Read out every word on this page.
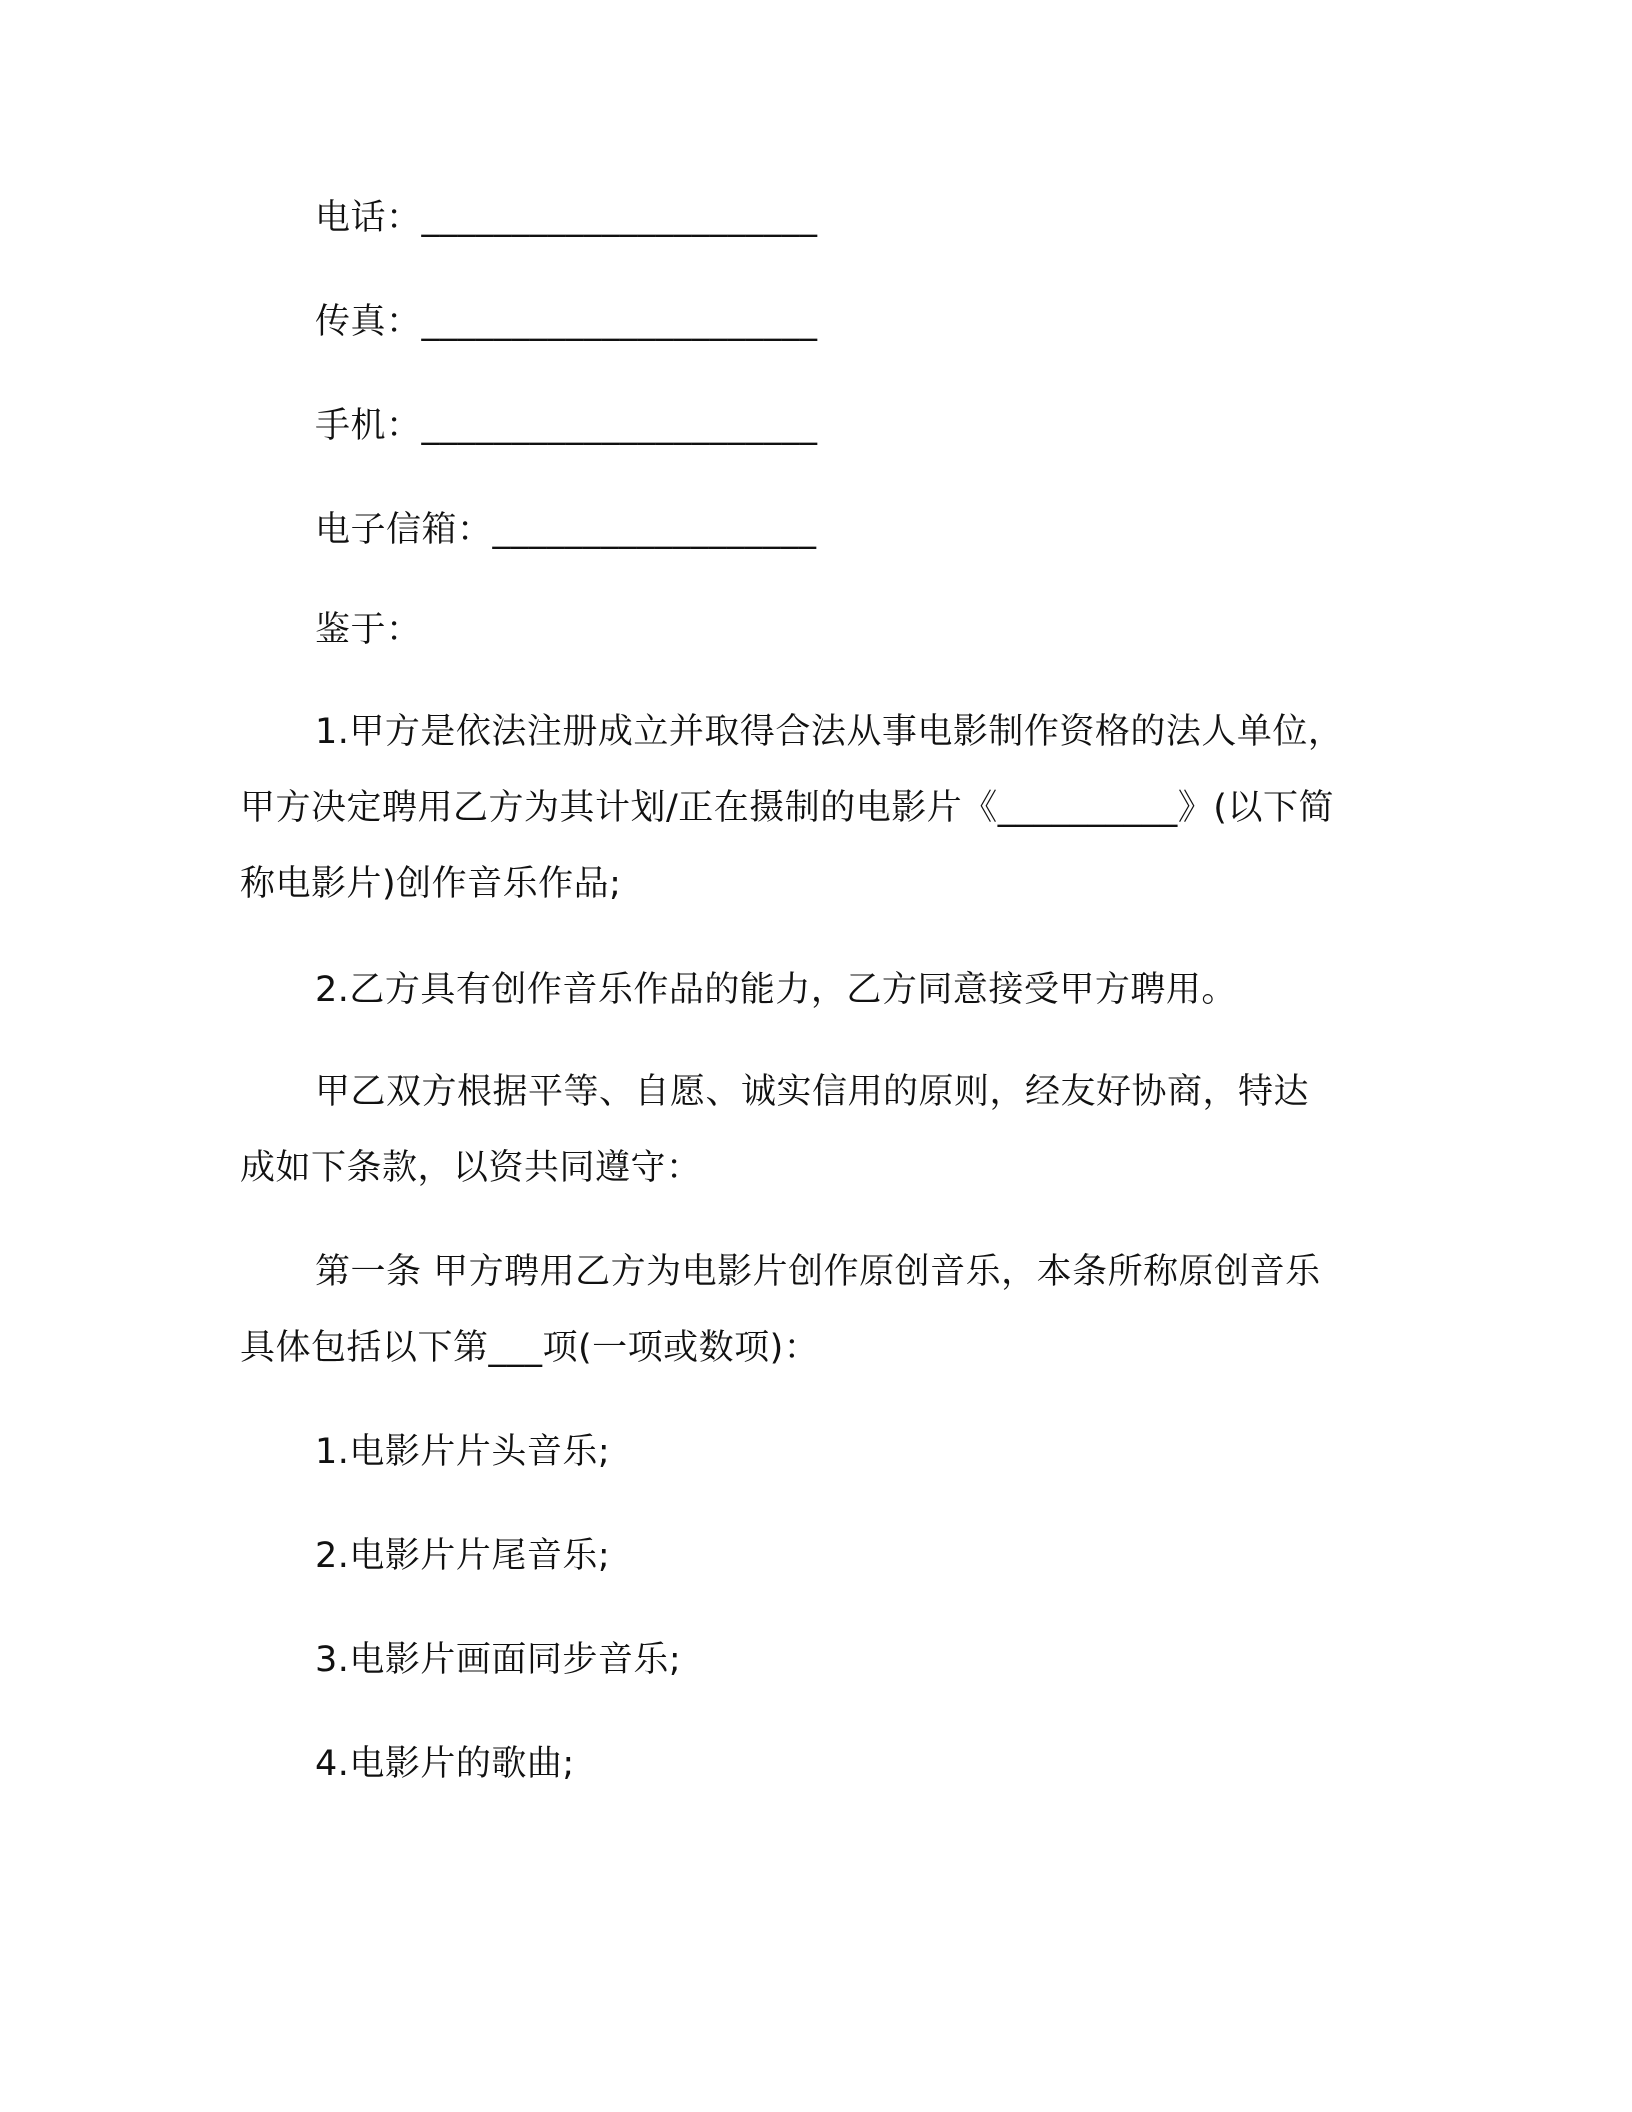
电话：______________________
传真：______________________
手机：______________________
电子信箱：__________________
鉴于：
1.甲方是依法注册成立并取得合法从事电影制作资格的法人单位，
甲方决定聘用乙方为其计划/正在摄制的电影片《__________》(以下简
称电影片)创作音乐作品;
2.乙方具有创作音乐作品的能力，乙方同意接受甲方聘用。
甲乙双方根据平等、自愿、诚实信用的原则，经友好协商，特达
成如下条款，以资共同遵守：
第一条 甲方聘用乙方为电影片创作原创音乐，本条所称原创音乐
具体包括以下第___项(一项或数项)：
1.电影片片头音乐;
2.电影片片尾音乐;
3.电影片画面同步音乐;
4.电影片的歌曲;
